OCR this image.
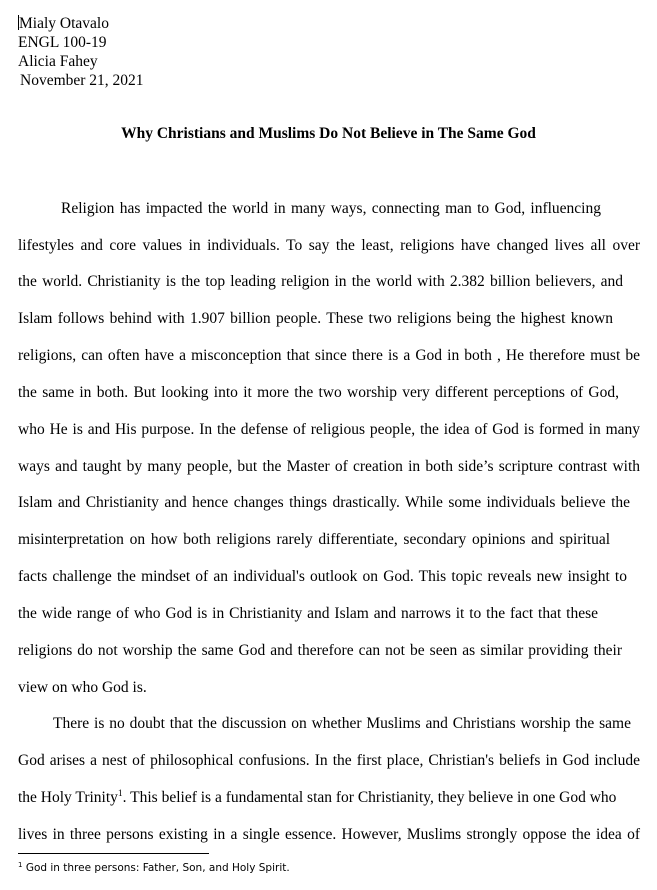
Mialy Otavalo
ENGL 100-19
Alicia Fahey
November 21, 2021
Why Christians and Muslims Do Not Believe in The Same God
Religion has impacted the world in many ways, connecting man to God, influencing
lifestyles and core values in individuals. To say the least, religions have changed lives all over
the world. Christianity is the top leading religion in the world with 2.382 billion believers, and
Islam follows behind with 1.907 billion people. These two religions being the highest known
religions, can often have a misconception that since there is a God in both , He therefore must be
the same in both. But looking into it more the two worship very different perceptions of God,
who He is and His purpose. In the defense of religious people, the idea of God is formed in many
ways and taught by many people, but the Master of creation in both side’s scripture contrast with
Islam and Christianity and hence changes things drastically. While some individuals believe the
misinterpretation on how both religions rarely differentiate, secondary opinions and spiritual
facts challenge the mindset of an individual's outlook on God. This topic reveals new insight to
the wide range of who God is in Christianity and Islam and narrows it to the fact that these
religions do not worship the same God and therefore can not be seen as similar providing their
view on who God is.
There is no doubt that the discussion on whether Muslims and Christians worship the same
God arises a nest of philosophical confusions. In the first place, Christian's beliefs in God include
the Holy Trinity$^1$. This belief is a fundamental stan for Christianity, they believe in one God who
lives in three persons existing in a single essence. However, Muslims strongly oppose the idea of
$^1$ God in three persons: Father, Son, and Holy Spirit.
